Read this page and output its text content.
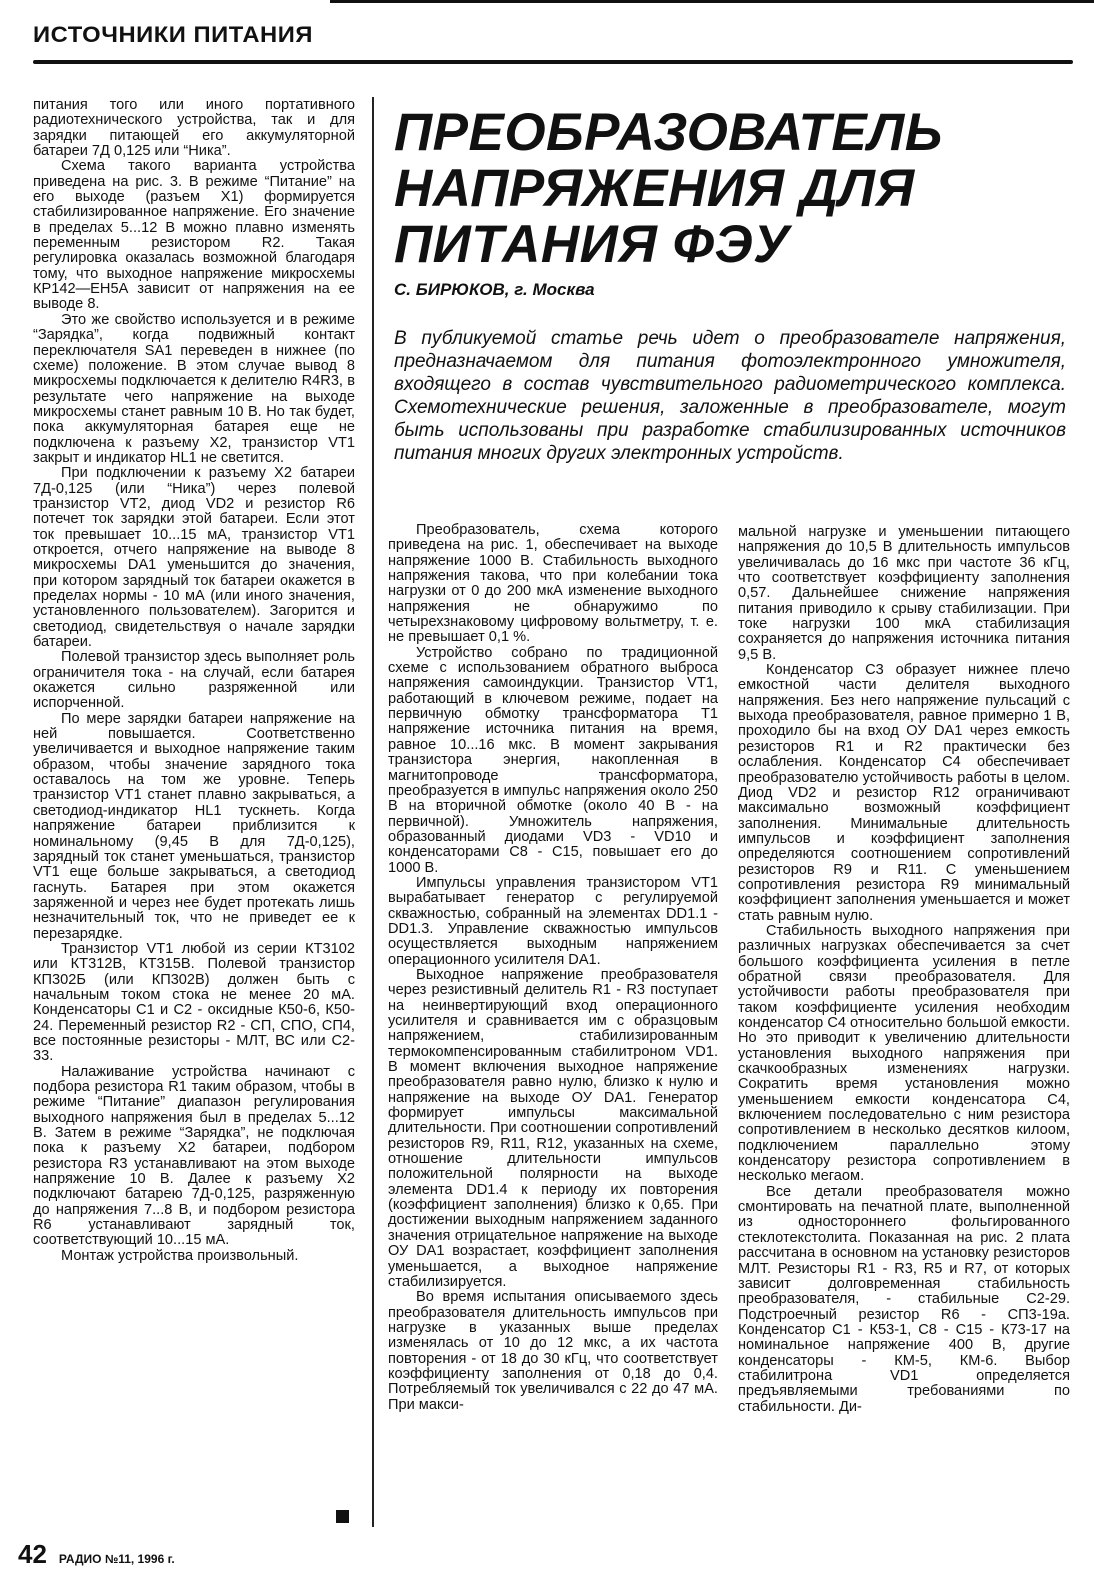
ИСТОЧНИКИ ПИТАНИЯ

питания того или иного портативного радиотехнического устройства, так и для зарядки питающей его аккумуляторной батареи 7Д 0,125 или “Ника”.

Схема такого варианта устройства приведена на рис. 3. В режиме “Питание” на его выходе (разъем X1) формируется стабилизированное напряжение. Его значение в пределах 5...12 В можно плавно изменять переменным резистором R2. Такая регулировка оказалась возможной благодаря тому, что выходное напряжение микросхемы КР142—ЕН5А зависит от напряжения на ее выводе 8.

Это же свойство используется и в режиме “Зарядка”, когда подвижный контакт переключателя SA1 переведен в нижнее (по схеме) положение. В этом случае вывод 8 микросхемы подключается к делителю R4R3, в результате чего напряжение на выходе микросхемы станет равным 10 В. Но так будет, пока аккумуляторная батарея еще не подключена к разъему X2, транзистор VT1 закрыт и индикатор HL1 не светится.

При подключении к разъему X2 батареи 7Д-0,125 (или “Ника”) через полевой транзистор VT2, диод VD2 и резистор R6 потечет ток зарядки этой батареи. Если этот ток превышает 10...15 мА, транзистор VT1 откроется, отчего напряжение на выводе 8 микросхемы DA1 уменьшится до значения, при котором зарядный ток батареи окажется в пределах нормы - 10 мА (или иного значения, установленного пользователем). Загорится и светодиод, свидетельствуя о начале зарядки батареи.

Полевой транзистор здесь выполняет роль ограничителя тока - на случай, если батарея окажется сильно разряженной или испорченной.

По мере зарядки батареи напряжение на ней повышается. Соответственно увеличивается и выходное напряжение таким образом, чтобы значение зарядного тока оставалось на том же уровне. Теперь транзистор VT1 станет плавно закрываться, а светодиод-индикатор HL1 тускнеть. Когда напряжение батареи приблизится к номинальному (9,45 В для 7Д-0,125), зарядный ток станет уменьшаться, транзистор VT1 еще больше закрываться, а светодиод гаснуть. Батарея при этом окажется заряженной и через нее будет протекать лишь незначительный ток, что не приведет ее к перезарядке.

Транзистор VT1 любой из серии КТ3102 или КТ312В, КТ315В. Полевой транзистор КП302Б (или КП302В) должен быть с начальным током стока не менее 20 мА. Конденсаторы С1 и С2 - оксидные К50-6, К50-24. Переменный резистор R2 - СП, СПО, СП4, все постоянные резисторы - МЛТ, ВС или С2-33.

Налаживание устройства начинают с подбора резистора R1 таким образом, чтобы в режиме “Питание” диапазон регулирования выходного напряжения был в пределах 5...12 В. Затем в режиме “Зарядка”, не подключая пока к разъему X2 батареи, подбором резистора R3 устанавливают на этом выходе напряжение 10 В. Далее к разъему X2 подключают батарею 7Д-0,125, разряженную до напряжения 7...8 В, и подбором резистора R6 устанавливают зарядный ток, соответствующий 10...15 мА.

Монтаж устройства произвольный.

ПРЕОБРАЗОВАТЕЛЬ
НАПРЯЖЕНИЯ ДЛЯ
ПИТАНИЯ ФЭУ
С. БИРЮКОВ, г. Москва
В публикуемой статье речь идет о преобразователе напряжения, предназначаемом для питания фотоэлектронного умножителя, входящего в состав чувствительного радиометрического комплекса. Схемотехнические решения, заложенные в преобразователе, могут быть использованы при разработке стабилизированных источников питания многих других электронных устройств.

Преобразователь, схема которого приведена на рис. 1, обеспечивает на выходе напряжение 1000 В. Стабильность выходного напряжения такова, что при колебании тока нагрузки от 0 до 200 мкА изменение выходного напряжения не обнаружимо по четырехзнаковому цифровому вольтметру, т. е. не превышает 0,1 %.

Устройство собрано по традиционной схеме с использованием обратного выброса напряжения самоиндукции. Транзистор VT1, работающий в ключевом режиме, подает на первичную обмотку трансформатора Т1 напряжение источника питания на время, равное 10...16 мкс. В момент закрывания транзистора энергия, накопленная в магнитопроводе трансформатора, преобразуется в импульс напряжения около 250 В на вторичной обмотке (около 40 В - на первичной). Умножитель напряжения, образованный диодами VD3 - VD10 и конденсаторами С8 - С15, повышает его до 1000 В.

Импульсы управления транзистором VT1 вырабатывает генератор с регулируемой скважностью, собранный на элементах DD1.1 - DD1.3. Управление скважностью импульсов осуществляется выходным напряжением операционного усилителя DA1.

Выходное напряжение преобразователя через резистивный делитель R1 - R3 поступает на неинвертирующий вход операционного усилителя и сравнивается им с образцовым напряжением, стабилизированным термокомпенсированным стабилитроном VD1. В момент включения выходное напряжение преобразователя равно нулю, близко к нулю и напряжение на выходе ОУ DA1. Генератор формирует импульсы максимальной длительности. При соотношении сопротивлений резисторов R9, R11, R12, указанных на схеме, отношение длительности импульсов положительной полярности на выходе элемента DD1.4 к периоду их повторения (коэффициент заполнения) близко к 0,65. При достижении выходным напряжением заданного значения отрицательное напряжение на выходе ОУ DA1 возрастает, коэффициент заполнения уменьшается, а выходное напряжение стабилизируется.

Во время испытания описываемого здесь преобразователя длительность импульсов при нагрузке в указанных выше пределах изменялась от 10 до 12 мкс, а их частота повторения - от 18 до 30 кГц, что соответствует коэффициенту заполнения от 0,18 до 0,4. Потребляемый ток увеличивался с 22 до 47 мА. При макси-

мальной нагрузке и уменьшении питающего напряжения до 10,5 В длительность импульсов увеличивалась до 16 мкс при частоте 36 кГц, что соответствует коэффициенту заполнения 0,57. Дальнейшее снижение напряжения питания приводило к срыву стабилизации. При токе нагрузки 100 мкА стабилизация сохраняется до напряжения источника питания 9,5 В.

Конденсатор С3 образует нижнее плечо емкостной части делителя выходного напряжения. Без него напряжение пульсаций с выхода преобразователя, равное примерно 1 В, проходило бы на вход ОУ DA1 через емкость резисторов R1 и R2 практически без ослабления. Конденсатор С4 обеспечивает преобразователю устойчивость работы в целом. Диод VD2 и резистор R12 ограничивают максимально возможный коэффициент заполнения. Минимальные длительность импульсов и коэффициент заполнения определяются соотношением сопротивлений резисторов R9 и R11. С уменьшением сопротивления резистора R9 минимальный коэффициент заполнения уменьшается и может стать равным нулю.

Стабильность выходного напряжения при различных нагрузках обеспечивается за счет большого коэффициента усиления в петле обратной связи преобразователя. Для устойчивости работы преобразователя при таком коэффициенте усиления необходим конденсатор С4 относительно большой емкости. Но это приводит к увеличению длительности установления выходного напряжения при скачкообразных изменениях нагрузки. Сократить время установления можно уменьшением емкости конденсатора С4, включением последовательно с ним резистора сопротивлением в несколько десятков килоом, подключением параллельно этому конденсатору резистора сопротивлением в несколько мегаом.

Все детали преобразователя можно смонтировать на печатной плате, выполненной из одностороннего фольгированного стеклотекстолита. Показанная на рис. 2 плата рассчитана в основном на установку резисторов МЛТ. Резисторы R1 - R3, R5 и R7, от которых зависит долговременная стабильность преобразователя, - стабильные С2-29. Подстроечный резистор R6 - СП3-19а. Конденсатор С1 - К53-1, С8 - С15 - К73-17 на номинальное напряжение 400 В, другие конденсаторы - КМ-5, КМ-6. Выбор стабилитрона VD1 определяется предъявляемыми требованиями по стабильности. Ди-

42 РАДИО №11, 1996 г.
